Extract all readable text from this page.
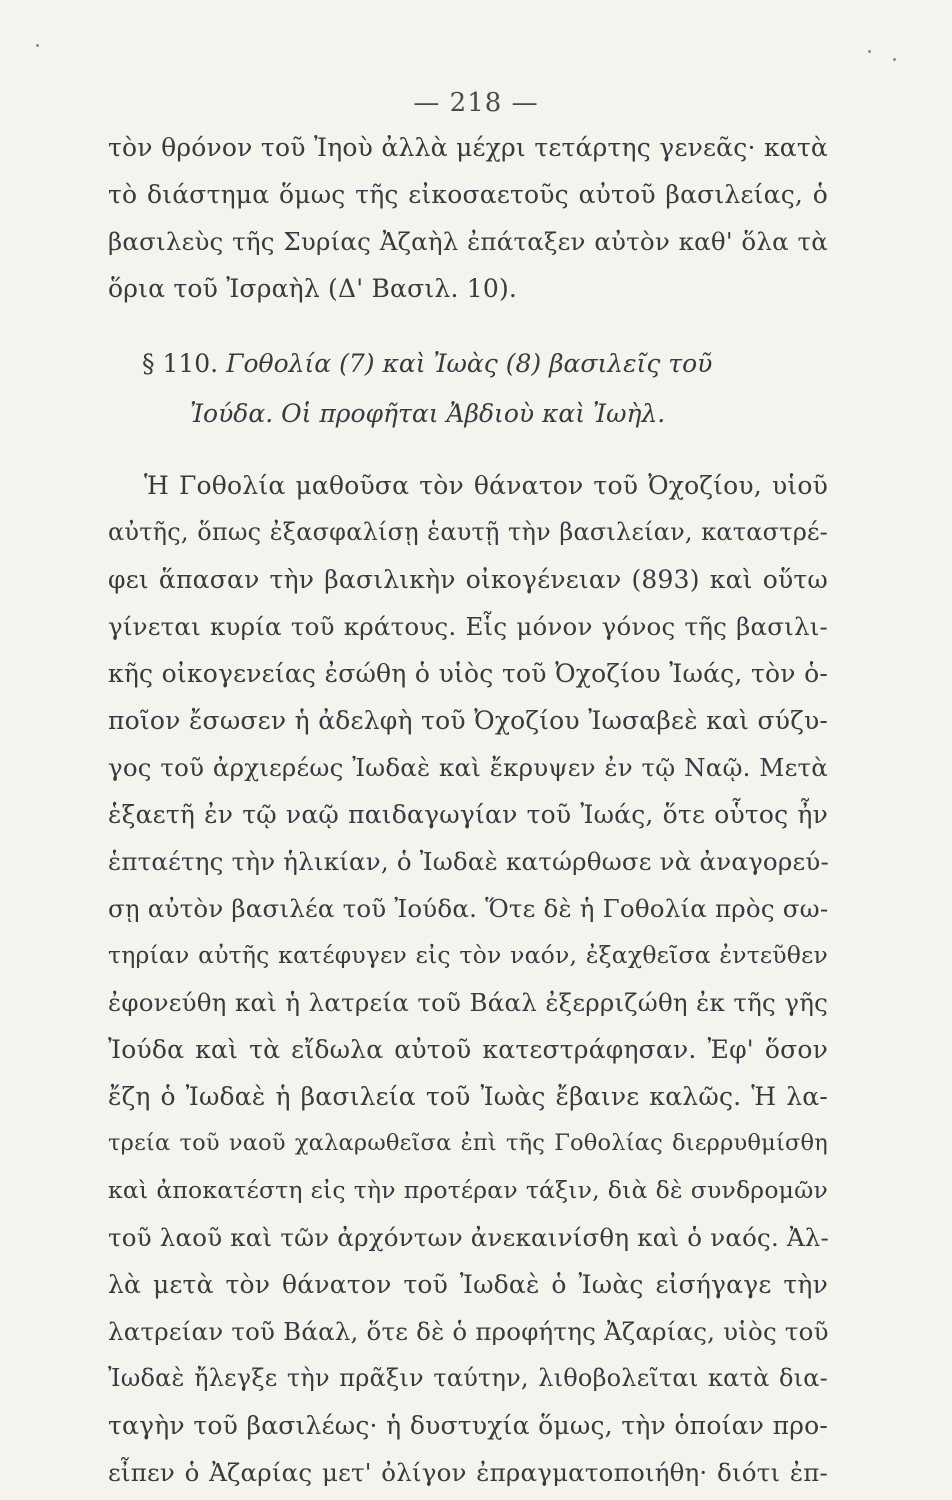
— 218 —
τὸν θρόνον τοῦ Ἰηοὺ ἀλλὰ μέχρι τετάρτης γενεᾶς· κατὰ
τὸ διάστημα ὅμως τῆς εἰκοσαετοῦς αὐτοῦ βασιλείας, ὁ
βασιλεὺς τῆς Συρίας Ἀζαὴλ ἐπάταξεν αὐτὸν καθ' ὅλα τὰ
ὅρια τοῦ Ἰσραὴλ (Δ' Βασιλ. 10).
§ 110. Γοθολία (7) καὶ Ἰωὰς (8) βασιλεῖς τοῦ
Ἰούδα. Οἱ προφῆται Ἀβδιοὺ καὶ Ἰωὴλ.
Ἡ Γοθολία μαθοῦσα τὸν θάνατον τοῦ Ὀχοζίου, υἱοῦ
αὐτῆς, ὅπως ἐξασφαλίσῃ ἑαυτῇ τὴν βασιλείαν, καταστρέ-
φει ἅπασαν τὴν βασιλικὴν οἰκογένειαν (893) καὶ οὕτω
γίνεται κυρία τοῦ κράτους. Εἷς μόνον γόνος τῆς βασιλι-
κῆς οἰκογενείας ἐσώθη ὁ υἱὸς τοῦ Ὀχοζίου Ἰωάς, τὸν ὁ-
ποῖον ἔσωσεν ἡ ἀδελφὴ τοῦ Ὀχοζίου Ἰωσαβεὲ καὶ σύζυ-
γος τοῦ ἀρχιερέως Ἰωδαὲ καὶ ἔκρυψεν ἐν τῷ Ναῷ. Μετὰ
ἑξαετῆ ἐν τῷ ναῷ παιδαγωγίαν τοῦ Ἰωάς, ὅτε οὗτος ἦν
ἑπταέτης τὴν ἡλικίαν, ὁ Ἰωδαὲ κατώρθωσε νὰ ἀναγορεύ-
σῃ αὐτὸν βασιλέα τοῦ Ἰούδα. Ὅτε δὲ ἡ Γοθολία πρὸς σω-
τηρίαν αὐτῆς κατέφυγεν εἰς τὸν ναόν, ἐξαχθεῖσα ἐντεῦθεν
ἐφονεύθη καὶ ἡ λατρεία τοῦ Βάαλ ἐξερριζώθη ἐκ τῆς γῆς
Ἰούδα καὶ τὰ εἴδωλα αὐτοῦ κατεστράφησαν. Ἐφ' ὅσον
ἔζη ὁ Ἰωδαὲ ἡ βασιλεία τοῦ Ἰωὰς ἔβαινε καλῶς. Ἡ λα-
τρεία τοῦ ναοῦ χαλαρωθεῖσα ἐπὶ τῆς Γοθολίας διερρυθμίσθη
καὶ ἀποκατέστη εἰς τὴν προτέραν τάξιν, διὰ δὲ συνδρομῶν
τοῦ λαοῦ καὶ τῶν ἀρχόντων ἀνεκαινίσθη καὶ ὁ ναός. Ἀλ-
λὰ μετὰ τὸν θάνατον τοῦ Ἰωδαὲ ὁ Ἰωὰς εἰσήγαγε τὴν
λατρείαν τοῦ Βάαλ, ὅτε δὲ ὁ προφήτης Ἀζαρίας, υἱὸς τοῦ
Ἰωδαὲ ἤλεγξε τὴν πρᾶξιν ταύτην, λιθοβολεῖται κατὰ δια-
ταγὴν τοῦ βασιλέως· ἡ δυστυχία ὅμως, τὴν ὁποίαν προ-
εἶπεν ὁ Ἀζαρίας μετ' ὀλίγον ἐπραγματοποιήθη· διότι ἐπ-
